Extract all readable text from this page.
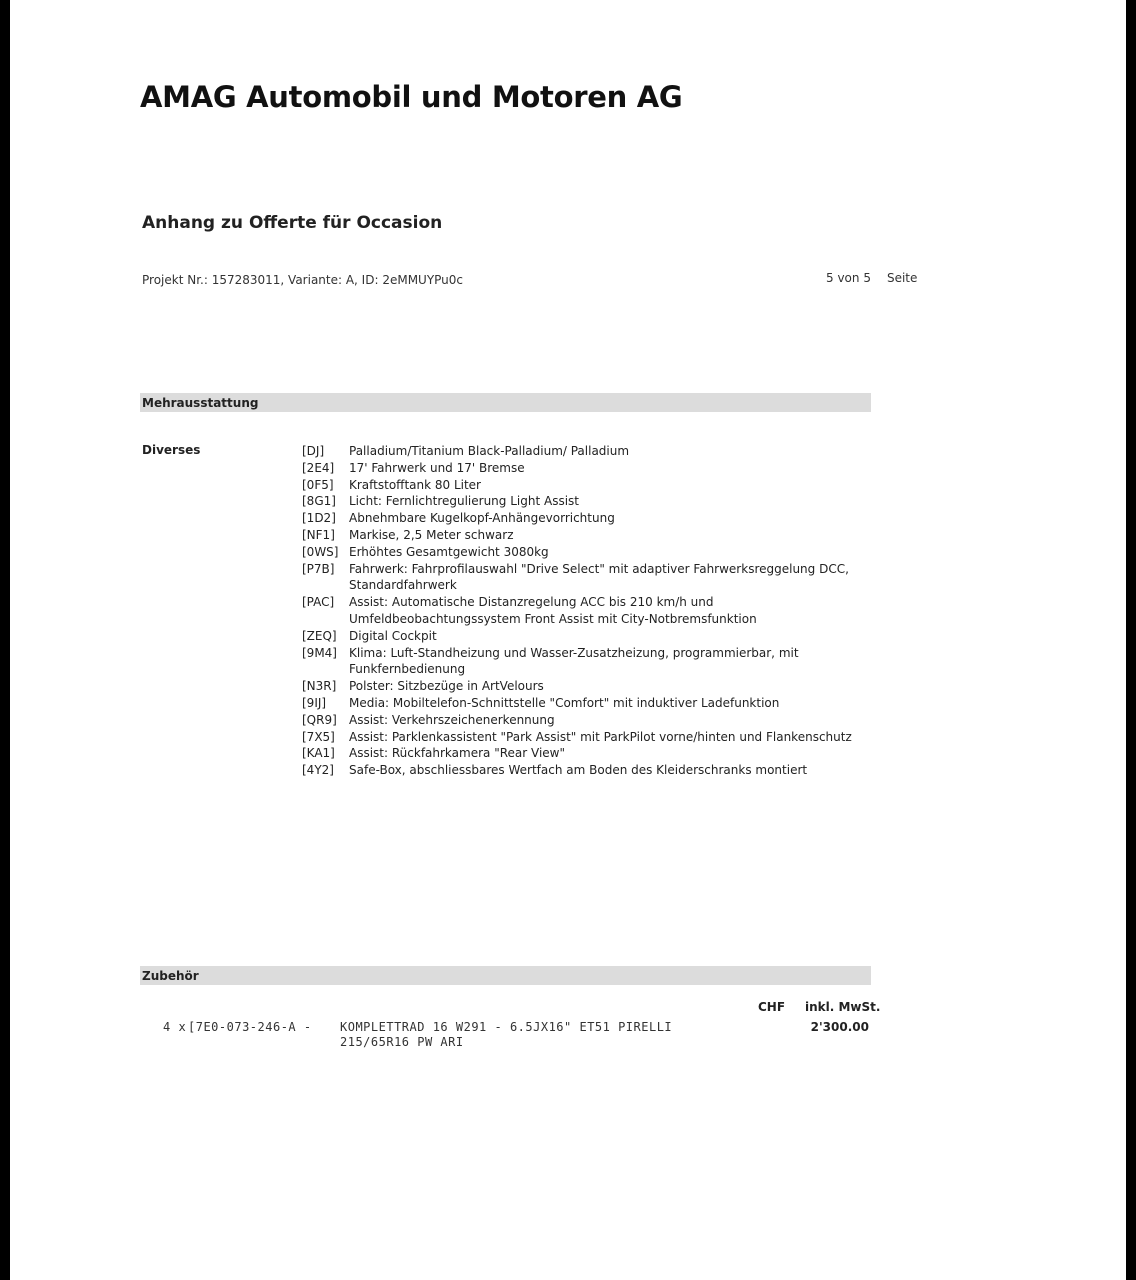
AMAG Automobil und Motoren AG
Anhang zu Offerte für Occasion
Projekt Nr.: 157283011, Variante: A, ID: 2eMMUYPu0c	5 von 5 Seite
Mehrausstattung
Diverses	[DJ]	Palladium/Titanium Black-Palladium/ Palladium
[2E4]	17' Fahrwerk und 17' Bremse
[0F5]	Kraftstofftank 80 Liter
[8G1]	Licht: Fernlichtregulierung Light Assist
[1D2]	Abnehmbare Kugelkopf-Anhängevorrichtung
[NF1]	Markise, 2,5 Meter schwarz
[0WS] Erhöhtes Gesamtgewicht 3080kg
[P7B]	Fahrwerk: Fahrprofilauswahl "Drive Select" mit adaptiver Fahrwerksreggelung DCC, Standardfahrwerk
[PAC]	Assist: Automatische Distanzregelung ACC bis 210 km/h und Umfeldbeobachtungssystem Front Assist mit City-Notbremsfunktion
[ZEQ]	Digital Cockpit
[9M4]	Klima: Luft-Standheizung und Wasser-Zusatzheizung, programmierbar, mit Funkfernbedienung
[N3R]	Polster: Sitzbezüge in ArtVelours
[9IJ]	Media: Mobiltelefon-Schnittstelle "Comfort" mit induktiver Ladefunktion
[QR9]	Assist: Verkehrszeichenerkennung
[7X5]	Assist: Parklenkassistent "Park Assist" mit ParkPilot vorne/hinten und Flankenschutz
[KA1]	Assist: Rückfahrkamera "Rear View"
[4Y2]	Safe-Box, abschliessbares Wertfach am Boden des Kleiderschranks montiert
Zubehör
CHF inkl. MwSt.
4 x [7E0-073-246-A - KOMPLETTRAD 16 W291 - 6.5JX16" ET51 PIRELLI
215/65R16 PW ARI
2'300.00
